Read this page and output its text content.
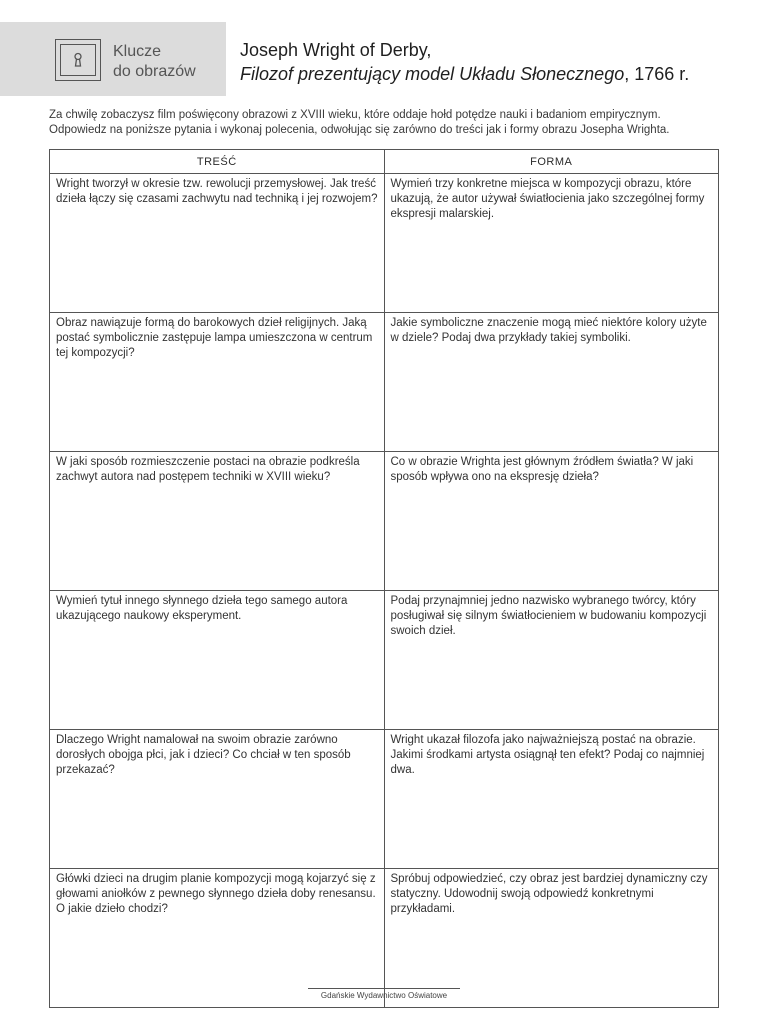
Klucze
do obrazów
Joseph Wright of Derby,
Filozof prezentujący model Układu Słonecznego, 1766 r.
Za chwilę zobaczysz film poświęcony obrazowi z XVIII wieku, które oddaje hołd potędze nauki i badaniom empirycznym.
Odpowiedz na poniższe pytania i wykonaj polecenia, odwołując się zarówno do treści jak i formy obrazu Josepha Wrighta.
TREŚĆ	FORMA
Wright tworzył w okresie tzw. rewolucji przemysłowej. Jak treść dzieła łączy się czasami zachwytu nad techniką i jej rozwojem?	Wymień trzy konkretne miejsca w kompozycji obrazu, które ukazują, że autor używał światłocienia jako szczególnej formy ekspresji malarskiej.
Obraz nawiązuje formą do barokowych dzieł religijnych. Jaką postać symbolicznie zastępuje lampa umieszczona w centrum tej kompozycji?	Jakie symboliczne znaczenie mogą mieć niektóre kolory użyte w dziele? Podaj dwa przykłady takiej symboliki.
W jaki sposób rozmieszczenie postaci na obrazie podkreśla zachwyt autora nad postępem techniki w XVIII wieku?	Co w obrazie Wrighta jest głównym źródłem światła? W jaki sposób wpływa ono na ekspresję dzieła?
Wymień tytuł innego słynnego dzieła tego samego autora ukazującego naukowy eksperyment.	Podaj przynajmniej jedno nazwisko wybranego twórcy, który posługiwał się silnym światłocieniem w budowaniu kompozycji swoich dzieł.
Dlaczego Wright namalował na swoim obrazie zarówno dorosłych obojga płci, jak i dzieci? Co chciał w ten sposób przekazać?	Wright ukazał filozofa jako najważniejszą postać na obrazie. Jakimi środkami artysta osiągnął ten efekt? Podaj co najmniej dwa.
Główki dzieci na drugim planie kompozycji mogą kojarzyć się z głowami aniołków z pewnego słynnego dzieła doby renesansu. O jakie dzieło chodzi?	Spróbuj odpowiedzieć, czy obraz jest bardziej dynamiczny czy statyczny. Udowodnij swoją odpowiedź konkretnymi przykładami.
Gdańskie Wydawnictwo Oświatowe
